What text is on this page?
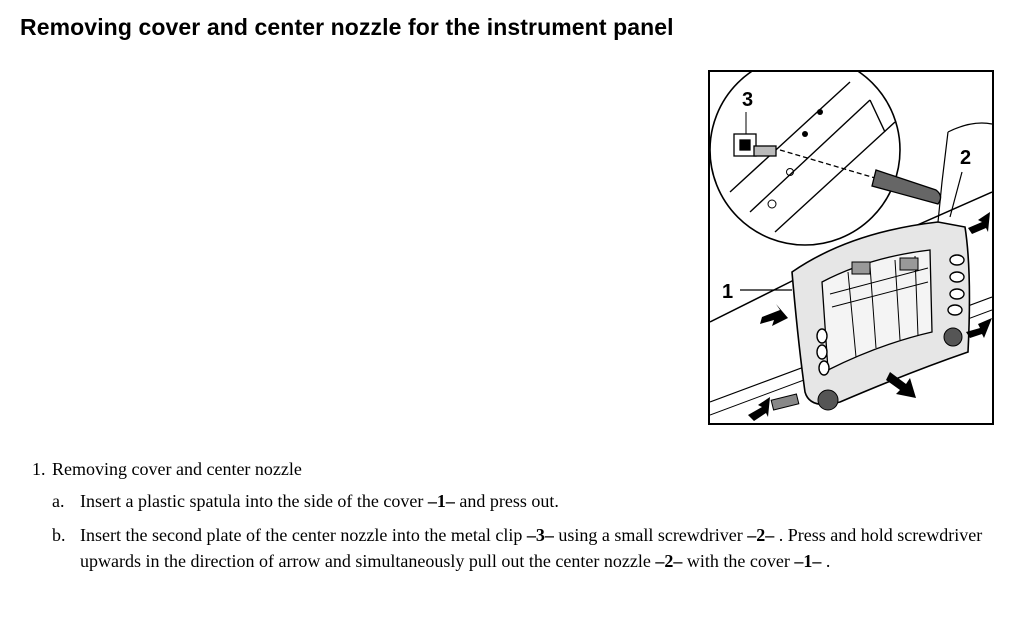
Removing cover and center nozzle for the instrument panel
3
2
1
1. Removing cover and center nozzle
a. Insert a plastic spatula into the side of the cover –1– and press out.
b. Insert the second plate of the center nozzle into the metal clip –3– using a small screwdriver –2– . Press and hold screwdriver upwards in the direction of arrow and simultaneously pull out the center nozzle –2– with the cover –1– .
